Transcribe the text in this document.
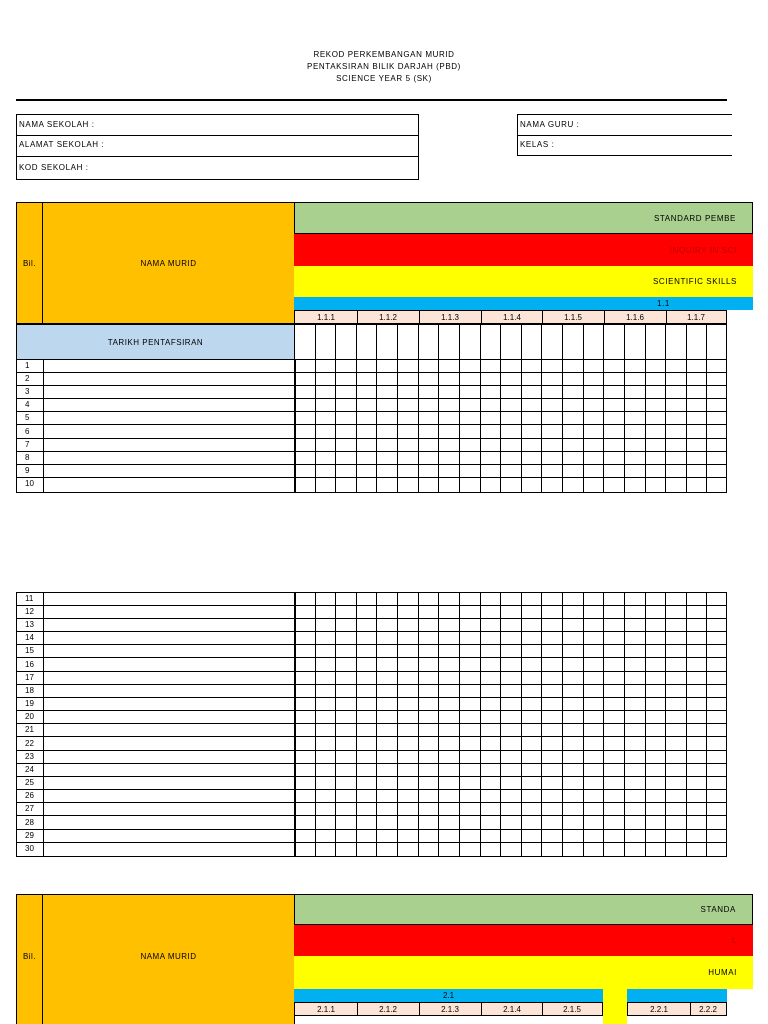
REKOD PERKEMBANGAN MURID
PENTAKSIRAN BILIK DARJAH (PBD)
SCIENCE YEAR 5 (SK)
NAMA SEKOLAH :
ALAMAT SEKOLAH :
KOD SEKOLAH :
NAMA GURU :
KELAS :
Bil.	NAMA MURID
STANDARD PEMBE
INQUIRY IN SCI
SCIENTIFIC SKILLS
1.1
1.1.1	1.1.2	1.1.3	1.1.4	1.1.5	1.1.6	1.1.7
TARIKH PENTAFSIRAN
1
2
3
4
5
6
7
8
9
10
11
12
13
14
15
16
17
18
19
20
21
22
23
24
25
26
27
28
29
30
Bil.	NAMA MURID
STANDA
L
HUMAI
2.1
2.1.1	2.1.2	2.1.3	2.1.4	2.1.5	2.2.1	2.2.2
